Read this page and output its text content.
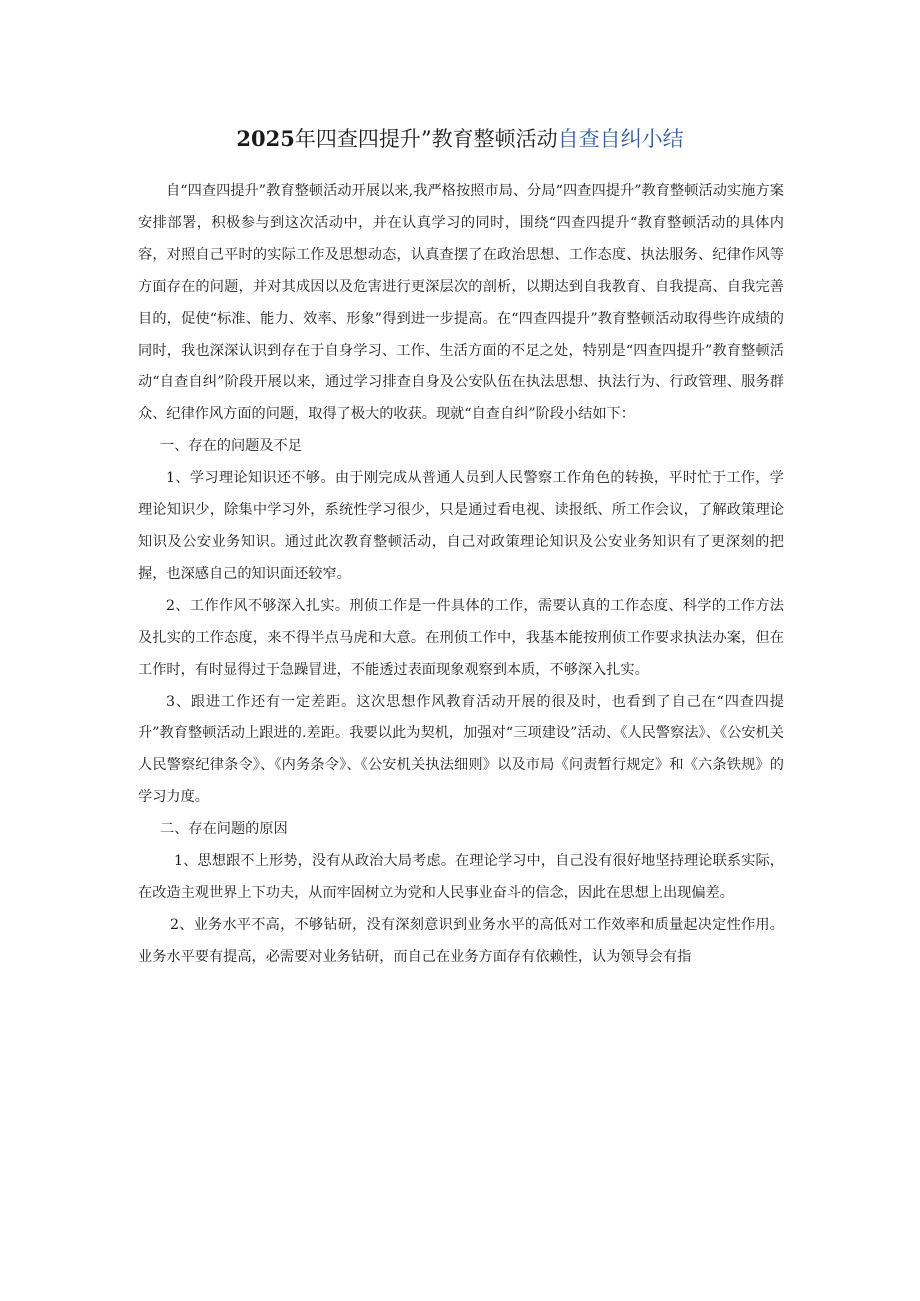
2025年四查四提升”教育整顿活动自查自纠小结

自“四查四提升”教育整顿活动开展以来,我严格按照市局、分局“四查四提升”教育整顿活动实施方案安排部署，积极参与到这次活动中，并在认真学习的同时，围绕“四查四提升“教育整顿活动的具体内容，对照自己平时的实际工作及思想动态，认真查摆了在政治思想、工作态度、执法服务、纪律作风等方面存在的问题，并对其成因以及危害进行更深层次的剖析，以期达到自我教育、自我提高、自我完善目的，促使“标准、能力、效率、形象”得到进一步提高。在“四查四提升”教育整顿活动取得些许成绩的同时，我也深深认识到存在于自身学习、工作、生活方面的不足之处，特别是“四查四提升”教育整顿活动“自查自纠”阶段开展以来，通过学习排查自身及公安队伍在执法思想、执法行为、行政管理、服务群众、纪律作风方面的问题，取得了极大的收获。现就“自查自纠”阶段小结如下：

一、存在的问题及不足

1、学习理论知识还不够。由于刚完成从普通人员到人民警察工作角色的转换，平时忙于工作，学理论知识少，除集中学习外，系统性学习很少，只是通过看电视、读报纸、所工作会议，了解政策理论知识及公安业务知识。通过此次教育整顿活动，自己对政策理论知识及公安业务知识有了更深刻的把握，也深感自己的知识面还较窄。

2、工作作风不够深入扎实。刑侦工作是一件具体的工作，需要认真的工作态度、科学的工作方法及扎实的工作态度，来不得半点马虎和大意。在刑侦工作中，我基本能按刑侦工作要求执法办案，但在工作时，有时显得过于急躁冒进，不能透过表面现象观察到本质，不够深入扎实。

3、跟进工作还有一定差距。这次思想作风教育活动开展的很及时，也看到了自己在“四查四提升”教育整顿活动上跟进的.差距。我要以此为契机，加强对“三项建设”活动、《人民警察法》、《公安机关人民警察纪律条令》、《内务条令》、《公安机关执法细则》以及市局《问责暂行规定》和《六条铁规》的学习力度。

二、存在问题的原因

1、思想跟不上形势，没有从政治大局考虑。在理论学习中，自己没有很好地坚持理论联系实际，在改造主观世界上下功夫，从而牢固树立为党和人民事业奋斗的信念，因此在思想上出现偏差。

2、业务水平不高，不够钻研，没有深刻意识到业务水平的高低对工作效率和质量起决定性作用。业务水平要有提高，必需要对业务钻研，而自己在业务方面存有依赖性，认为领导会有指
